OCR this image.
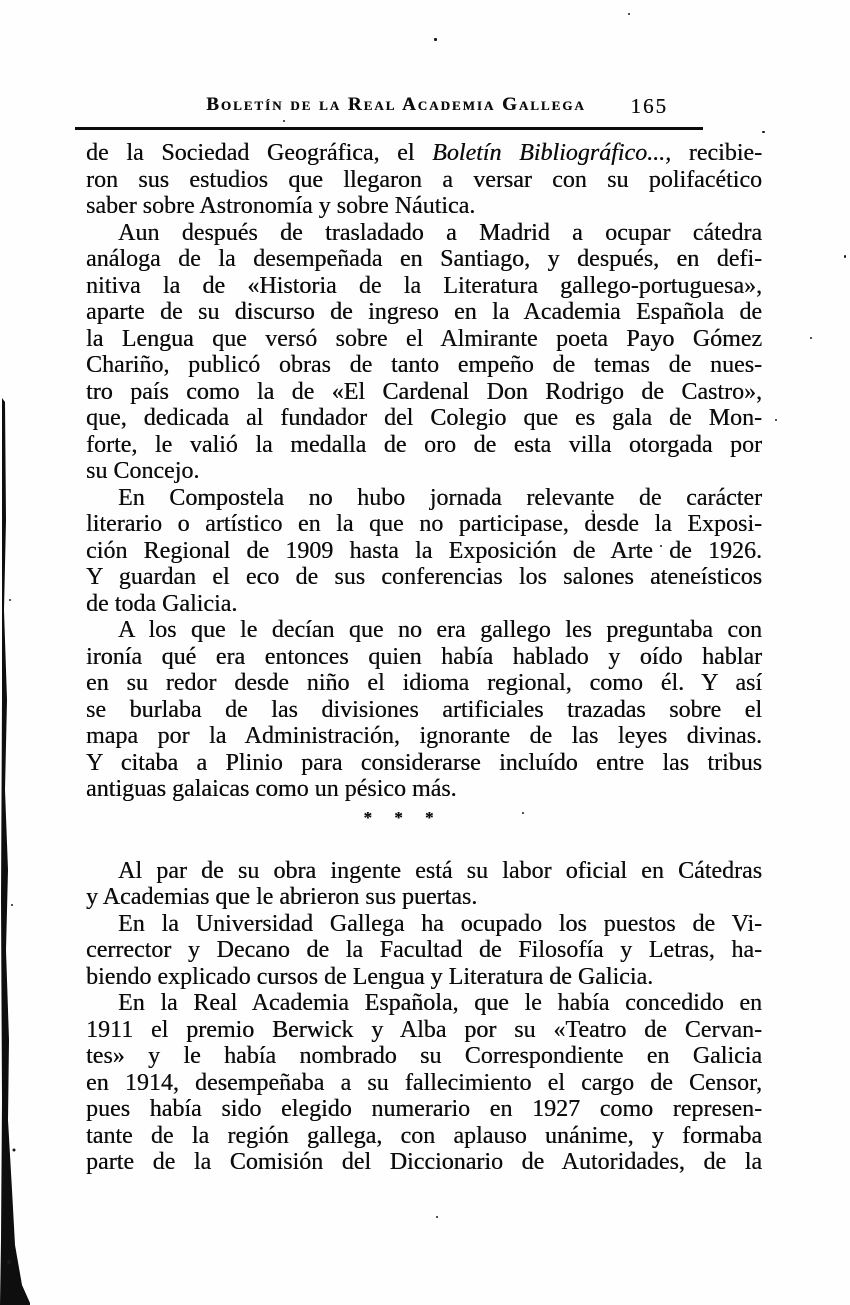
Boletín de la Real Academia Gallega	165
de la Sociedad Geográfica, el Boletín Bibliográfico..., recibie-
ron sus estudios que llegaron a versar con su polifacético
saber sobre Astronomía y sobre Náutica.
Aun después de trasladado a Madrid a ocupar cátedra
análoga de la desempeñada en Santiago, y después, en defi-
nitiva la de «Historia de la Literatura gallego-portuguesa»,
aparte de su discurso de ingreso en la Academia Española de
la Lengua que versó sobre el Almirante poeta Payo Gómez
Chariño, publicó obras de tanto empeño de temas de nues-
tro país como la de «El Cardenal Don Rodrigo de Castro»,
que, dedicada al fundador del Colegio que es gala de Mon-
forte, le valió la medalla de oro de esta villa otorgada por
su Concejo.
En Compostela no hubo jornada relevante de carácter
literario o artístico en la que no participase, desde la Exposi-
ción Regional de 1909 hasta la Exposición de Arte de 1926.
Y guardan el eco de sus conferencias los salones ateneísticos
de toda Galicia.
A los que le decían que no era gallego les preguntaba con
ironía qué era entonces quien había hablado y oído hablar
en su redor desde niño el idioma regional, como él. Y así
se burlaba de las divisiones artificiales trazadas sobre el
mapa por la Administración, ignorante de las leyes divinas.
Y citaba a Plinio para considerarse incluído entre las tribus
antiguas galaicas como un pésico más.
* * *
Al par de su obra ingente está su labor oficial en Cátedras
y Academias que le abrieron sus puertas.
En la Universidad Gallega ha ocupado los puestos de Vi-
cerrector y Decano de la Facultad de Filosofía y Letras, ha-
biendo explicado cursos de Lengua y Literatura de Galicia.
En la Real Academia Española, que le había concedido en
1911 el premio Berwick y Alba por su «Teatro de Cervan-
tes» y le había nombrado su Correspondiente en Galicia
en 1914, desempeñaba a su fallecimiento el cargo de Censor,
pues había sido elegido numerario en 1927 como represen-
tante de la región gallega, con aplauso unánime, y formaba
parte de la Comisión del Diccionario de Autoridades, de la
